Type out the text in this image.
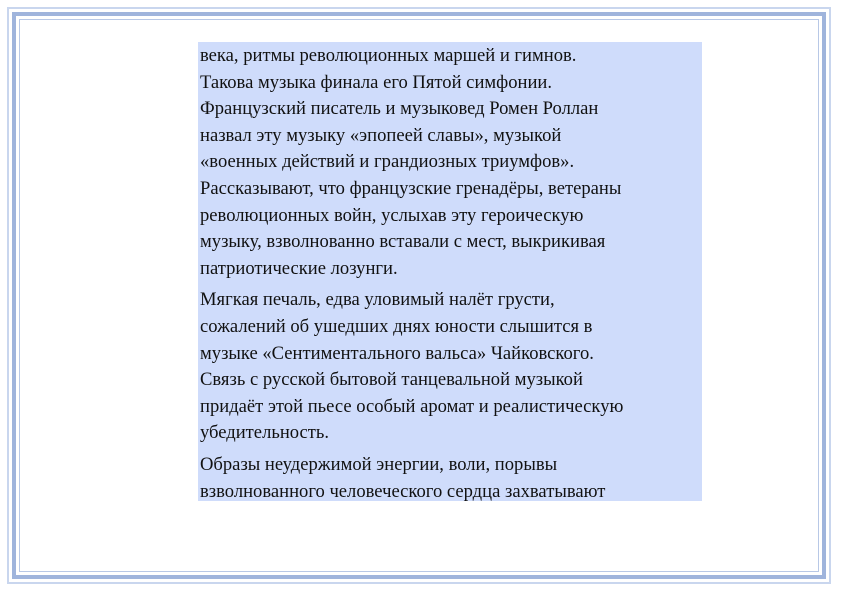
века, ритмы революционных маршей и гимнов.
Такова музыка финала его Пятой симфонии.
Французский писатель и музыковед Ромен Роллан
назвал эту музыку «эпопеей славы», музыкой
«военных действий и грандиозных триумфов».
Рассказывают, что французские гренадёры, ветераны
революционных войн, услыхав эту героическую
музыку, взволнованно вставали с мест, выкрикивая
патриотические лозунги.

Мягкая печаль, едва уловимый налёт грусти,
сожалений об ушедших днях юности слышится в
музыке «Сентиментального вальса» Чайковского.
Связь с русской бытовой танцевальной музыкой
придаёт этой пьесе особый аромат и реалистическую
убедительность.

Образы неудержимой энергии, воли, порывы
взволнованного человеческого сердца захватывают
